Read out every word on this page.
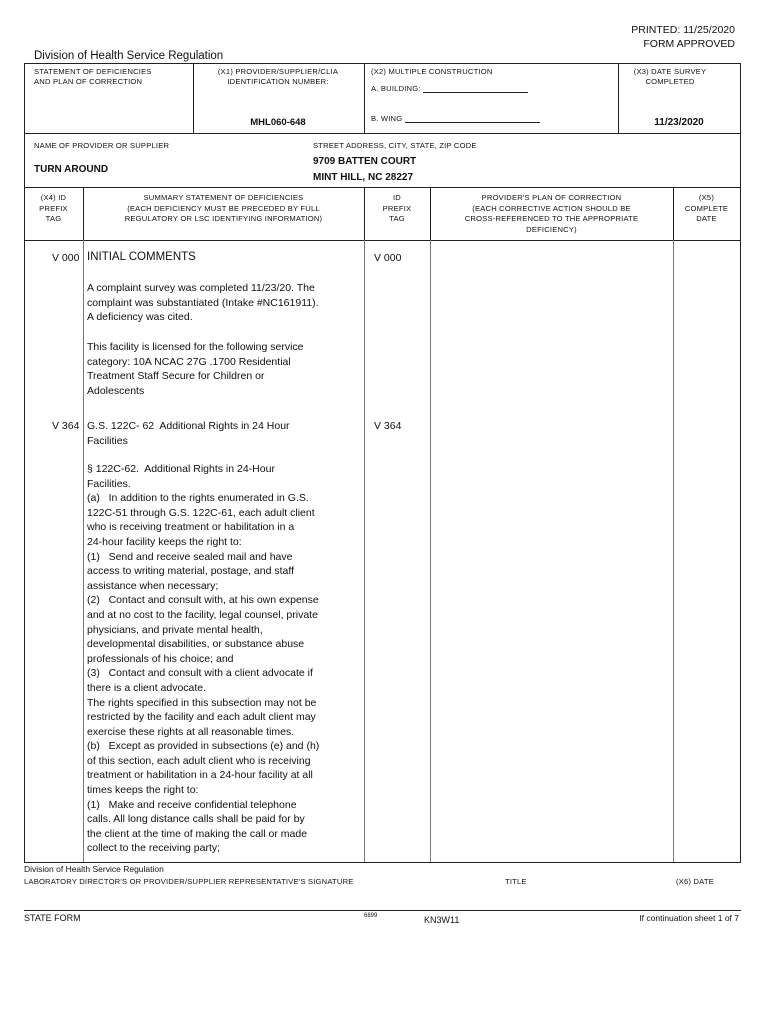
PRINTED: 11/25/2020
FORM APPROVED
Division of Health Service Regulation
STATEMENT OF DEFICIENCIES
AND PLAN OF CORRECTION
(X1) PROVIDER/SUPPLIER/CLIA
IDENTIFICATION NUMBER:
MHL060-648
(X2) MULTIPLE CONSTRUCTION
A. BUILDING:
B. WING
(X3) DATE SURVEY
COMPLETED
11/23/2020
NAME OF PROVIDER OR SUPPLIER
TURN AROUND
STREET ADDRESS, CITY, STATE, ZIP CODE
9709 BATTEN COURT
MINT HILL, NC 28227
(X4) ID
PREFIX
TAG
SUMMARY STATEMENT OF DEFICIENCIES
(EACH DEFICIENCY MUST BE PRECEDED BY FULL
REGULATORY OR LSC IDENTIFYING INFORMATION)
ID
PREFIX
TAG
PROVIDER'S PLAN OF CORRECTION
(EACH CORRECTIVE ACTION SHOULD BE
CROSS-REFERENCED TO THE APPROPRIATE
DEFICIENCY)
(X5)
COMPLETE
DATE
V 000	V 000
INITIAL COMMENTS
A complaint survey was completed 11/23/20. The
complaint was substantiated (Intake #NC161911).
A deficiency was cited.
This facility is licensed for the following service
category: 10A NCAC 27G .1700 Residential
Treatment Staff Secure for Children or
Adolescents
V 364	V 364
G.S. 122C- 62  Additional Rights in 24 Hour
Facilities
§ 122C-62.  Additional Rights in 24-Hour
Facilities.
(a)   In addition to the rights enumerated in G.S.
122C-51 through G.S. 122C-61, each adult client
who is receiving treatment or habilitation in a
24-hour facility keeps the right to:
(1)   Send and receive sealed mail and have
access to writing material, postage, and staff
assistance when necessary;
(2)   Contact and consult with, at his own expense
and at no cost to the facility, legal counsel, private
physicians, and private mental health,
developmental disabilities, or substance abuse
professionals of his choice; and
(3)   Contact and consult with a client advocate if
there is a client advocate.
The rights specified in this subsection may not be
restricted by the facility and each adult client may
exercise these rights at all reasonable times.
(b)   Except as provided in subsections (e) and (h)
of this section, each adult client who is receiving
treatment or habilitation in a 24-hour facility at all
times keeps the right to:
(1)   Make and receive confidential telephone
calls. All long distance calls shall be paid for by
the client at the time of making the call or made
collect to the receiving party;
Division of Health Service Regulation
LABORATORY DIRECTOR'S OR PROVIDER/SUPPLIER REPRESENTATIVE'S SIGNATURE	TITLE	(X6) DATE
STATE FORM	6899	KN3W11	If continuation sheet 1 of 7
